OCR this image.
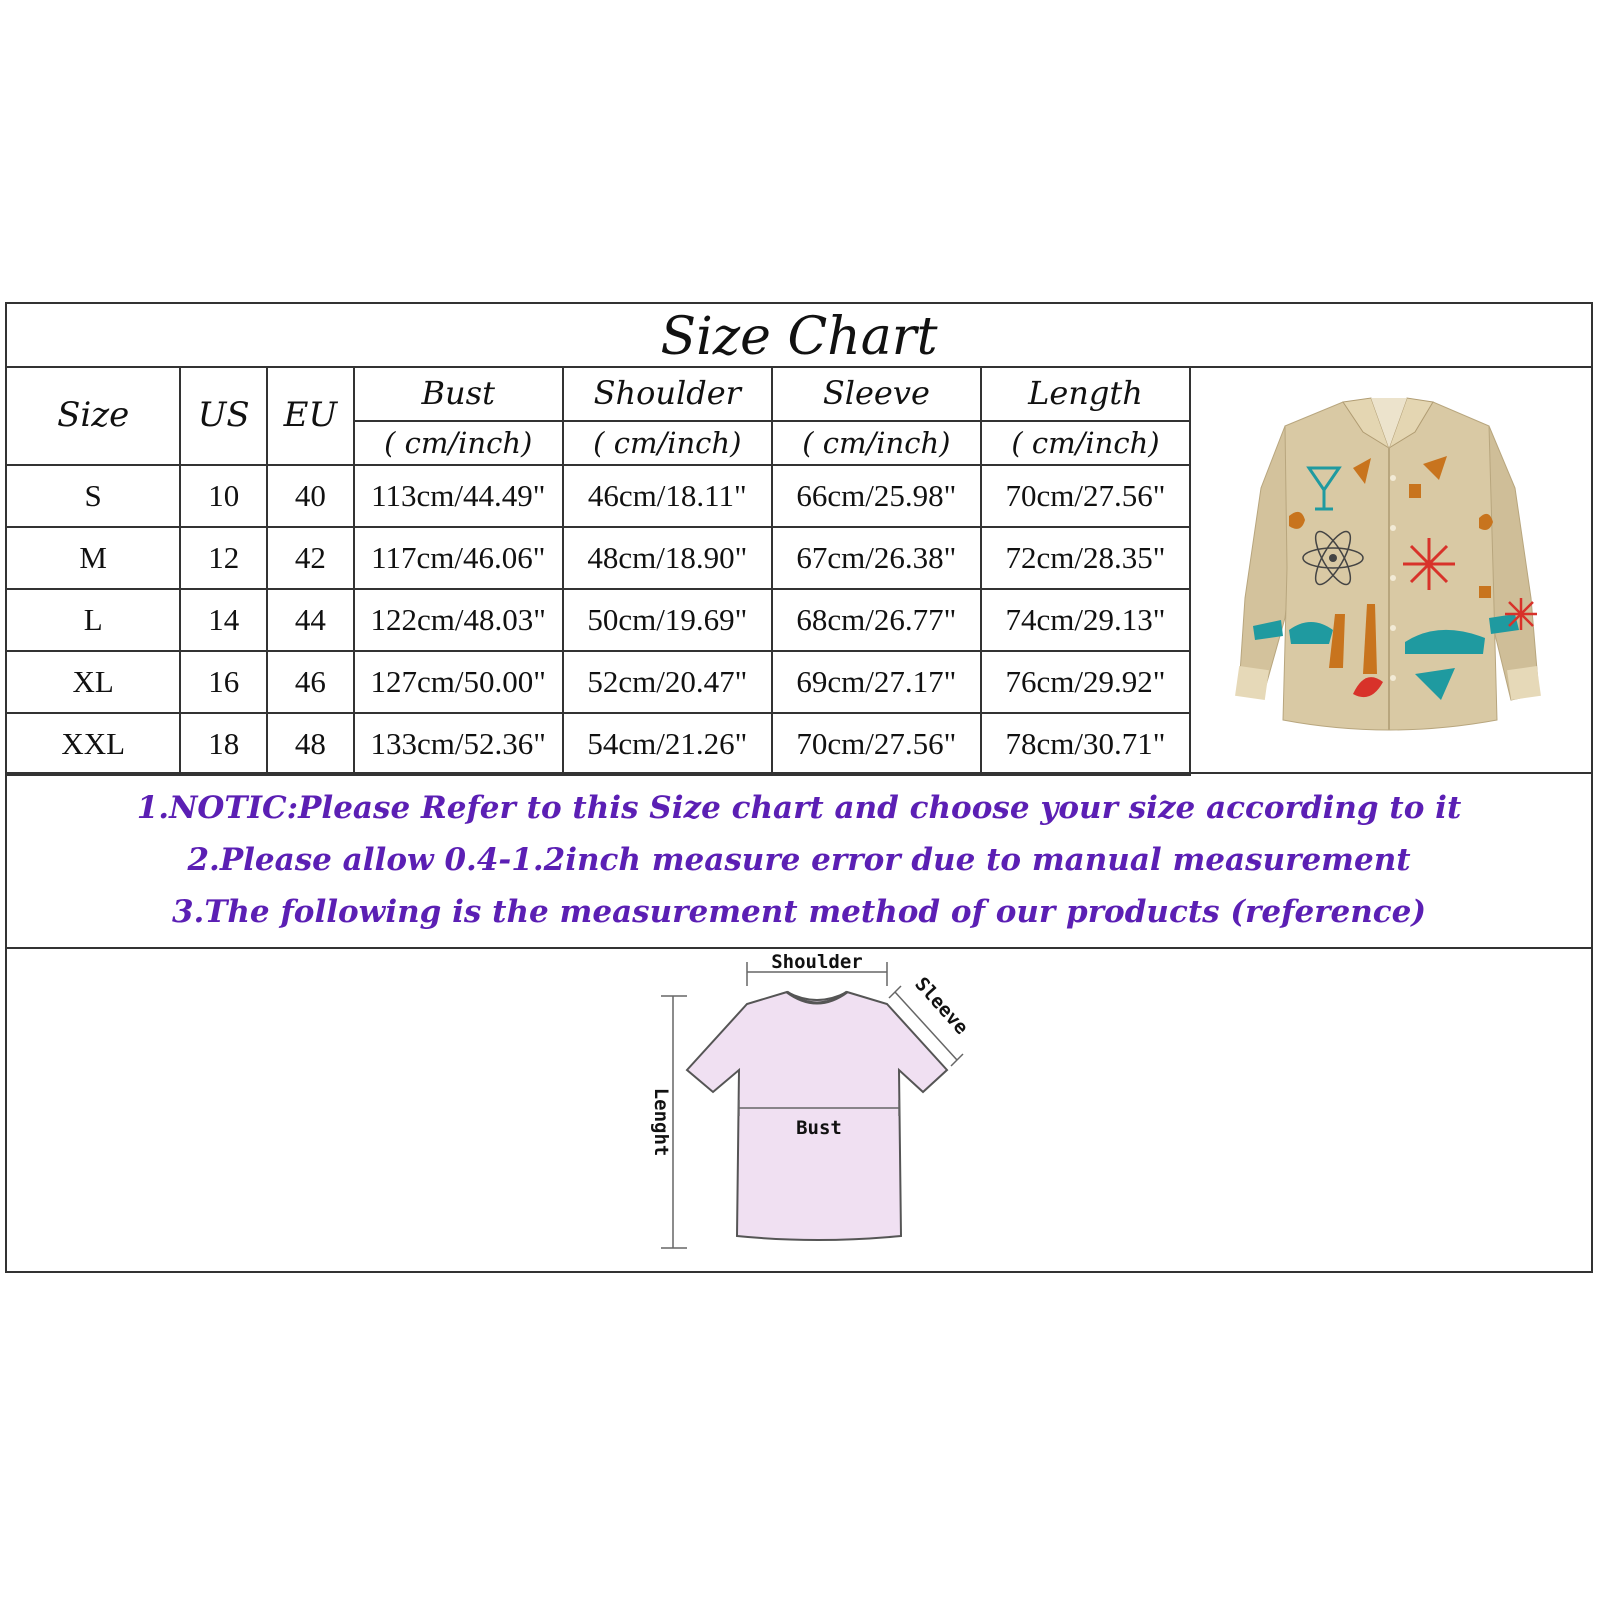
Size Chart
Size	US	EU	Bust	Shoulder	Sleeve	Length
			( cm/inch)	( cm/inch)	( cm/inch)	( cm/inch)
S	10	40	113cm/44.49"	46cm/18.11"	66cm/25.98"	70cm/27.56"
M	12	42	117cm/46.06"	48cm/18.90"	67cm/26.38"	72cm/28.35"
L	14	44	122cm/48.03"	50cm/19.69"	68cm/26.77"	74cm/29.13"
XL	16	46	127cm/50.00"	52cm/20.47"	69cm/27.17"	76cm/29.92"
XXL	18	48	133cm/52.36"	54cm/21.26"	70cm/27.56"	78cm/30.71"
1.NOTIC:Please Refer to this Size chart and choose your size according to it
2.Please allow 0.4-1.2inch measure error due to manual measurement
3.The following is the measurement method of our products (reference)
Shoulder
Sleeve
Lenght	Bust
